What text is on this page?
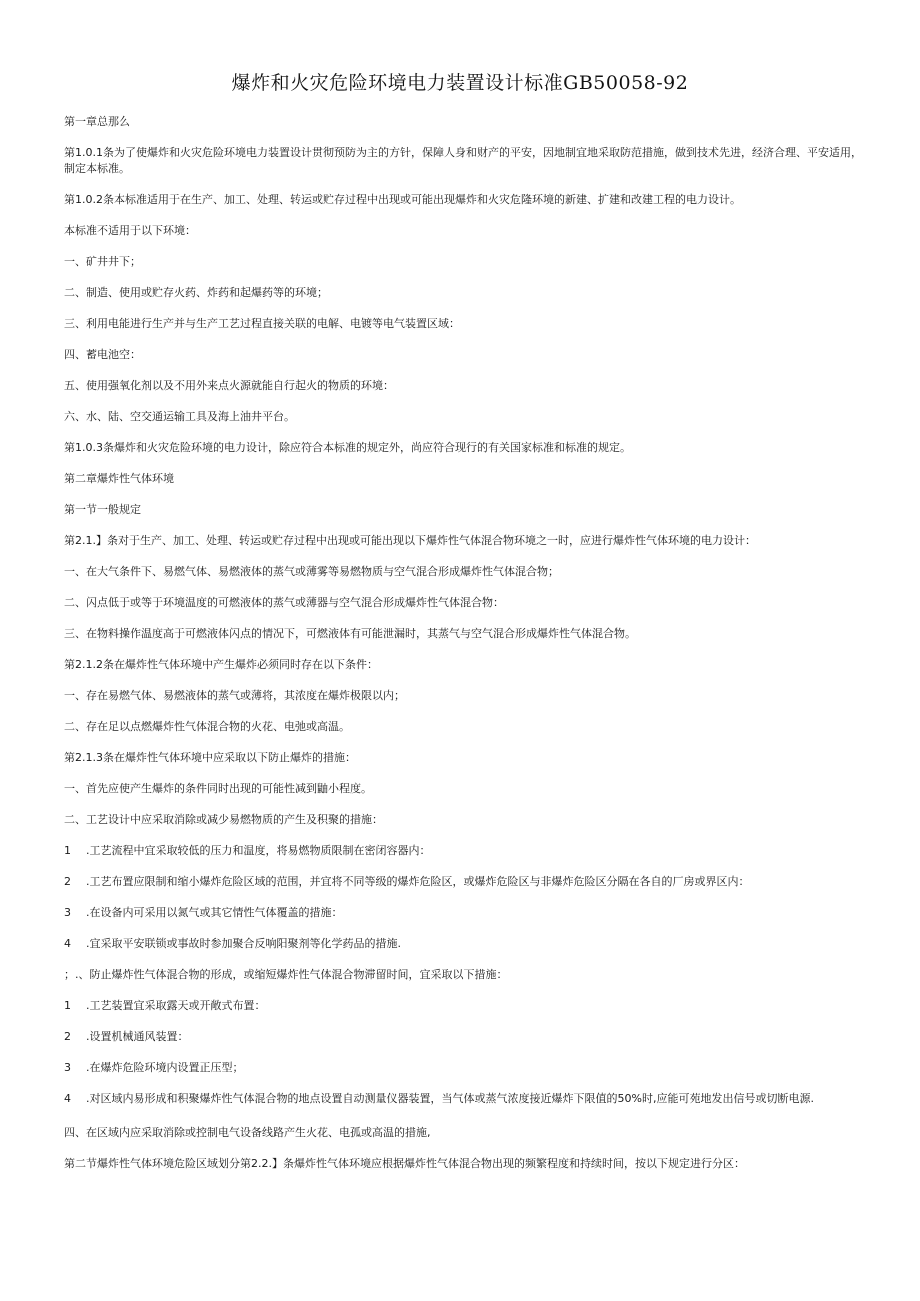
爆炸和火灾危险环境电力装置设计标准GB50058-92

第一章总那么

第1.0.1条为了使爆炸和火灾危险环境电力装置设计贯彻预防为主的方针，保障人身和财产的平安，因地制宜地采取防范措施，做到技术先进，经济合理、平安适用，制定本标准。

第1.0.2条本标准适用于在生产、加工、处理、转运或贮存过程中出现或可能出现爆炸和火灾危隆环境的新建、扩建和改建工程的电力设计。

本标准不适用于以下环境：

一、矿井井下；

二、制造、使用或贮存火药、炸药和起爆药等的环境；

三、利用电能进行生产并与生产工艺过程直接关联的电解、电镀等电气装置区域：

四、蓄电池空：

五、使用强氧化剂以及不用外来点火源就能自行起火的物质的环境：

六、水、陆、空交通运输工具及海上油井平台。

第1.0.3条爆炸和火灾危险环境的电力设计，除应符合本标准的规定外，尚应符合现行的有关国家标准和标准的规定。

第二章爆炸性气体环境

第一节一般规定

第2.1.】条对于生产、加工、处理、转运或贮存过程中出现或可能出现以下爆炸性气体混合物环境之一时，应进行爆炸性气体环境的电力设计：

一、在大气条件下、易燃气体、易燃液体的蒸气或薄雾等易燃物质与空气混合形成爆炸性气体混合物；

二、闪点低于或等于环境温度的可燃液体的蒸气或薄器与空气混合形成爆炸性气体混合物：

三、在物料操作温度高于可燃液体闪点的情况下，可燃液体有可能泄漏时，其蒸气与空气混合形成爆炸性气体混合物。

第2.1.2条在爆炸性气体环境中产生爆炸必须同时存在以下条件：

一、存在易燃气体、易燃液体的蒸气或薄将，其浓度在爆炸极限以内；

二、存在足以点燃爆炸性气体混合物的火花、电弛或高温。

第2.1.3条在爆炸性气体环境中应采取以下防止爆炸的措施：

一、首先应使产生爆炸的条件同时出现的可能性减到鼬小程度。

二、工艺设计中应采取消除或减少易燃物质的产生及积聚的措施：

1 .工艺流程中宜采取较低的压力和温度，将易燃物质限制在密闭容器内：

2 .工艺布置应限制和缩小爆炸危险区域的范围，并宜将不同等级的爆炸危险区，或爆炸危险区与非爆炸危险区分隔在各自的厂房或界区内：

3 .在设备内可采用以氮气或其它情性气体覆盖的措施：

4 .宜采取平安联锁或事故时参加聚合反响阳聚剂等化学药品的措施.

；.、防止爆炸性气体混合物的形成，或缩短爆炸性气体混合物滞留时间，宜采取以下措施：

1 .工艺装置宜采取露天或开敞式布置：

2 .设置机械通风装置：

3 .在爆炸危险环境内设置正压型；

4 .对区域内易形成和积聚爆炸性气体混合物的地点设置自动测量仪器装置，当气体或蒸气浓度接近爆炸下限值的50%时,应能可苑地发出信号或切断电源.

四、在区域内应采取消除或控制电气设备线路产生火花、电孤或高温的措施,

第二节爆炸性气体环境危险区域划分第2.2.】条爆炸性气体环境应根据爆炸性气体混合物出现的频繁程度和持续时间，按以下规定进行分区：
